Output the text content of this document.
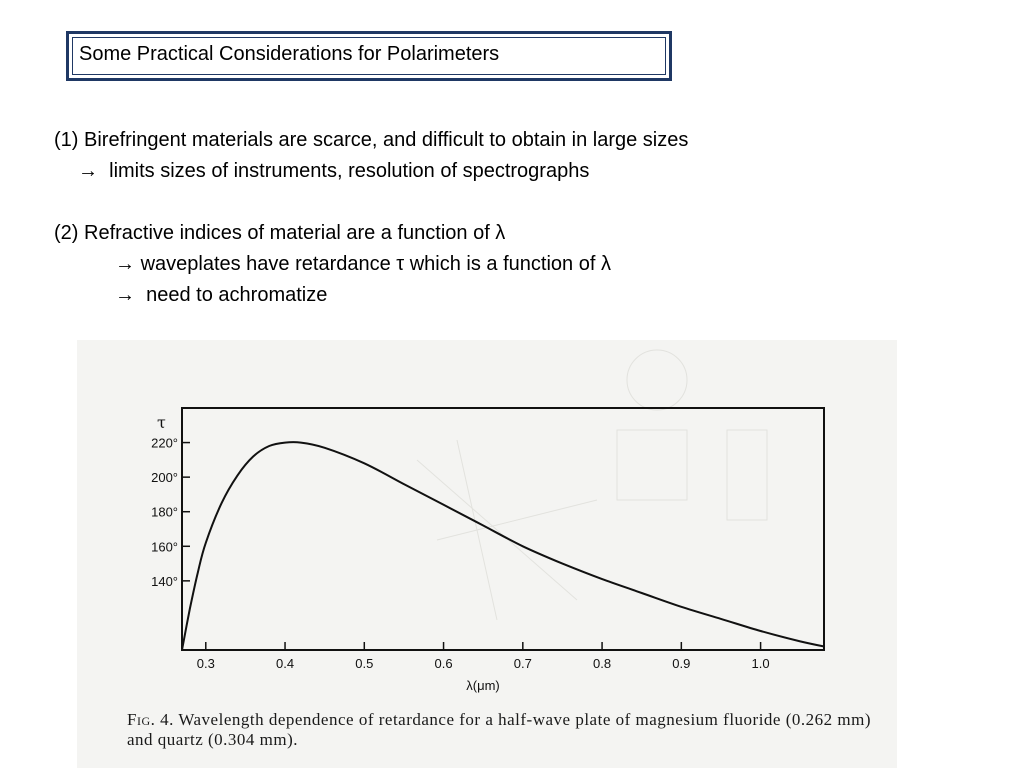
Some Practical Considerations for Polarimeters
(1) Birefringent materials are scarce, and difficult to obtain in large sizes
→ limits sizes of instruments, resolution of spectrographs
(2) Refractive indices of material are a function of λ
→ waveplates have retardance τ which is a function of λ
→ need to achromatize
0.3	0.4	0.5	0.6	0.7	0.8	0.9	1.0
140°
160°
180°
200°
220°
τ
λ(μm)
Fig. 4. Wavelength dependence of retardance for a half-wave plate of magnesium fluoride (0.262 mm) and quartz (0.304 mm).
